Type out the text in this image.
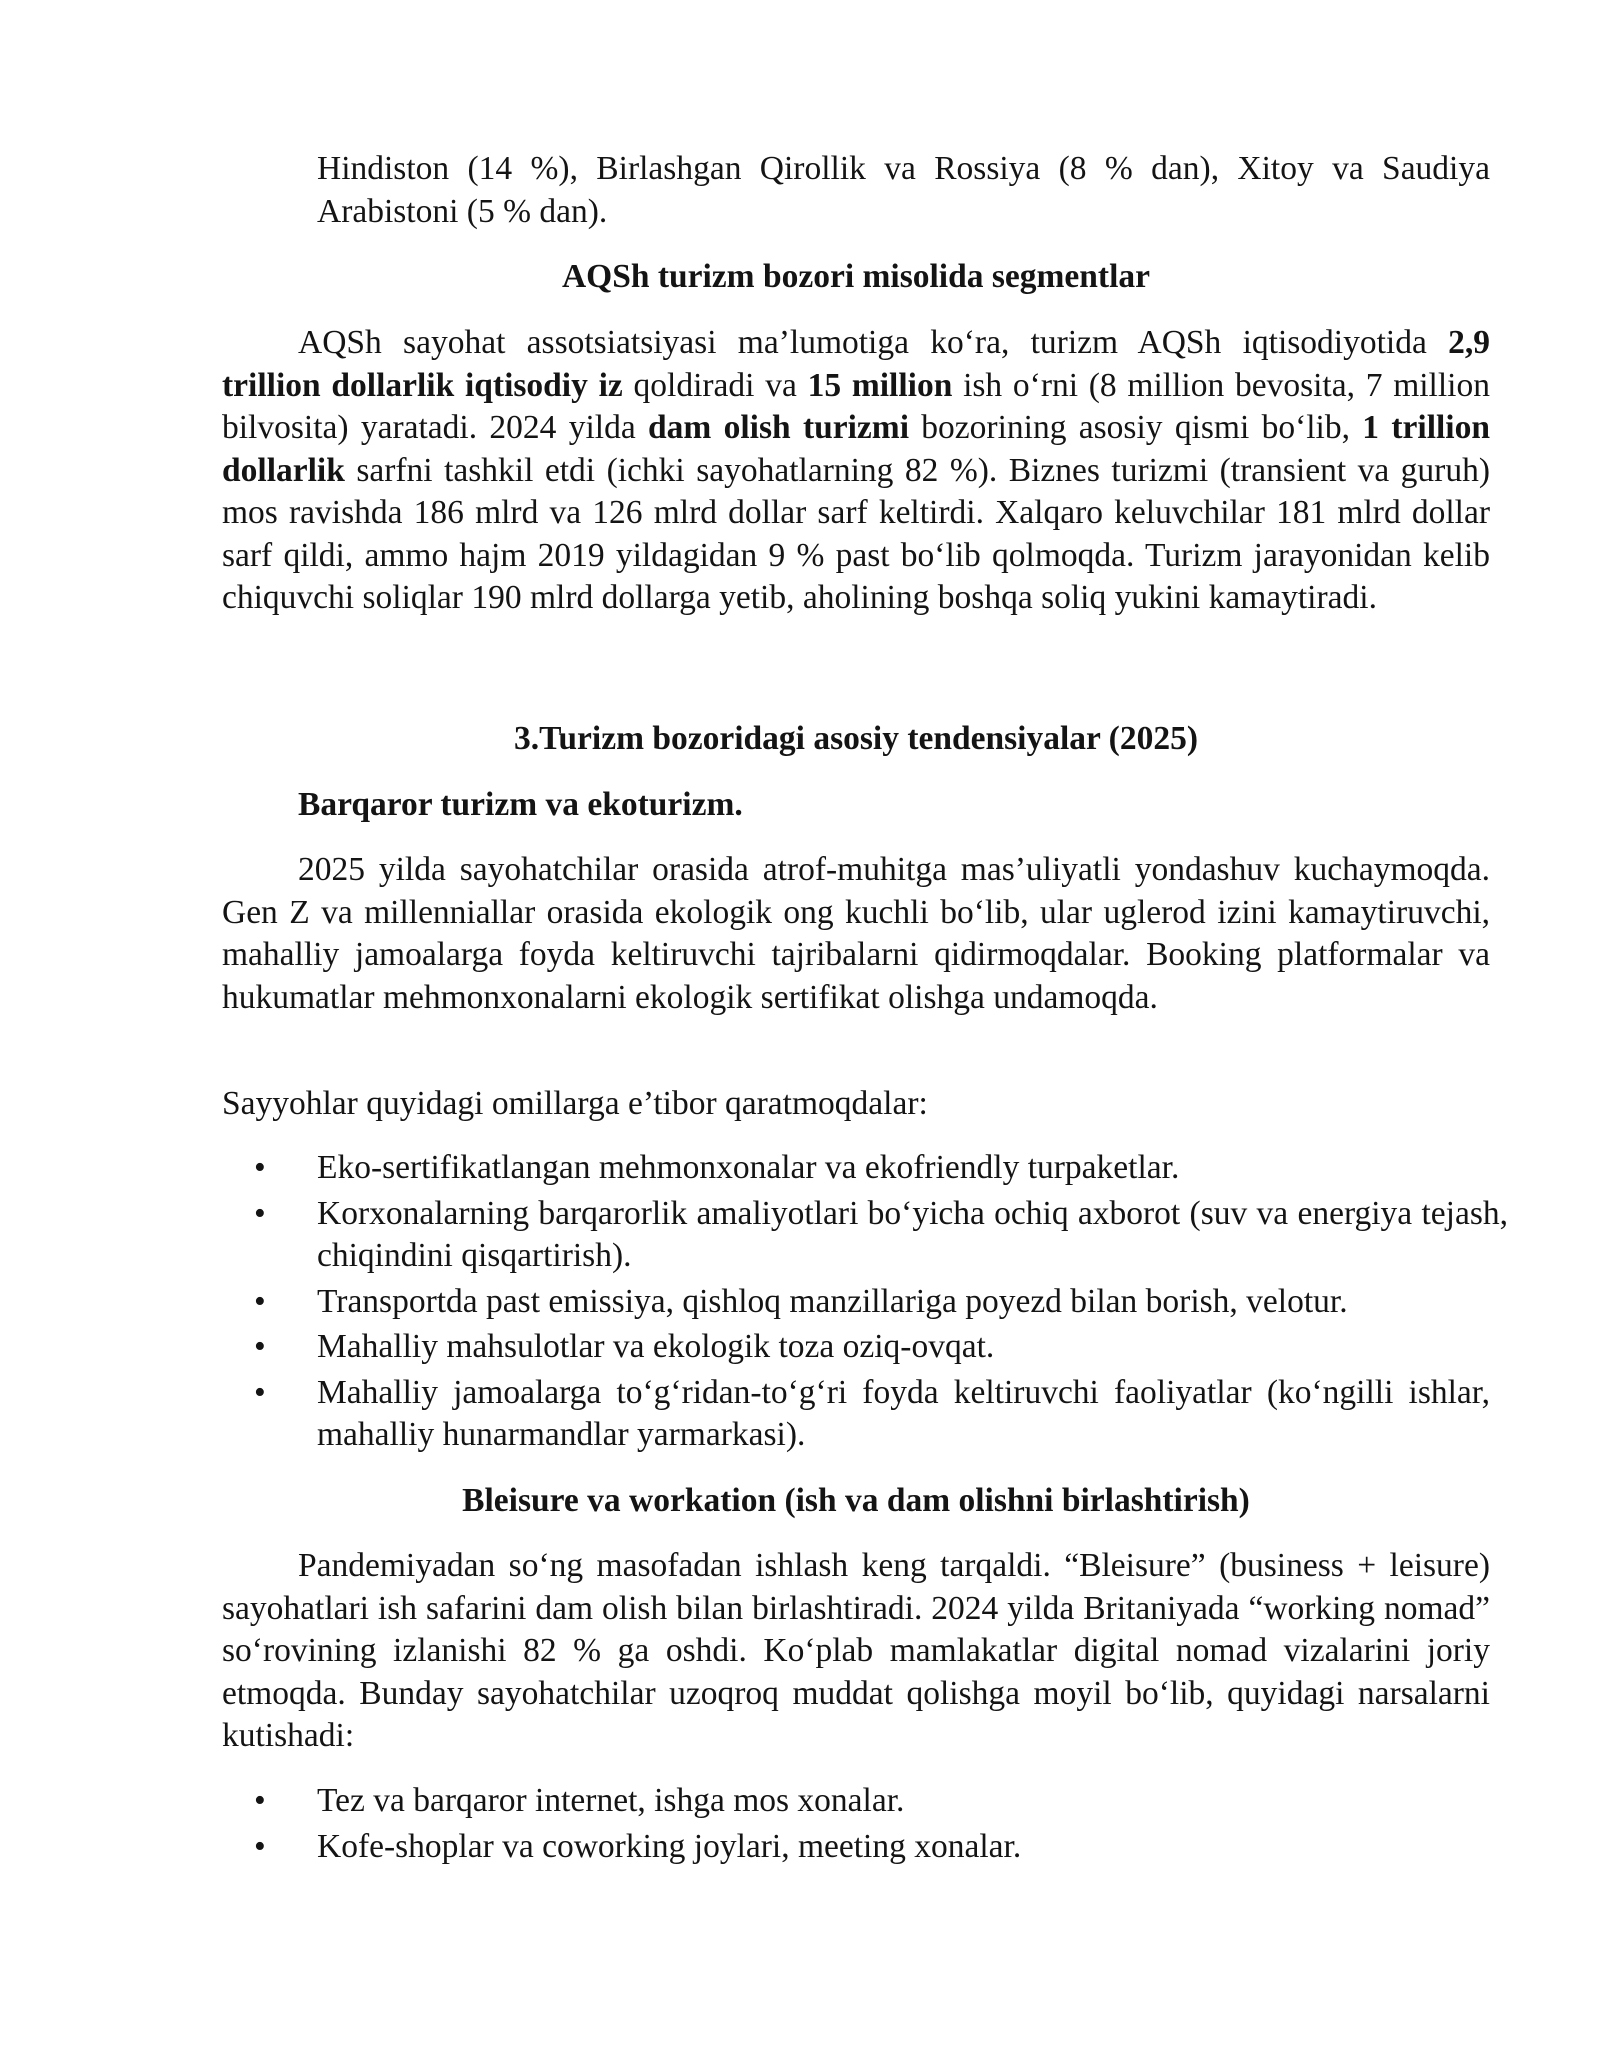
Hindiston (14 %), Birlashgan Qirollik va Rossiya (8 % dan), Xitoy va Saudiya Arabistoni (5 % dan).

AQSh turizm bozori misolida segmentlar

AQSh sayohat assotsiatsiyasi ma’lumotiga ko‘ra, turizm AQSh iqtisodiyotida 2,9 trillion dollarlik iqtisodiy iz qoldiradi va 15 million ish o‘rni (8 million bevosita, 7 million bilvosita) yaratadi. 2024 yilda dam olish turizmi bozorining asosiy qismi bo‘lib, 1 trillion dollarlik sarfni tashkil etdi (ichki sayohatlarning 82 %). Biznes turizmi (transient va guruh) mos ravishda 186 mlrd va 126 mlrd dollar sarf keltirdi. Xalqaro keluvchilar 181 mlrd dollar sarf qildi, ammo hajm 2019 yildagidan 9 % past bo‘lib qolmoqda. Turizm jarayonidan kelib chiquvchi soliqlar 190 mlrd dollarga yetib, aholining boshqa soliq yukini kamaytiradi.

3.Turizm bozoridagi asosiy tendensiyalar (2025)
Barqaror turizm va ekoturizm.

2025 yilda sayohatchilar orasida atrof-muhitga mas’uliyatli yondashuv kuchaymoqda. Gen Z va millenniallar orasida ekologik ong kuchli bo‘lib, ular uglerod izini kamaytiruvchi, mahalliy jamoalarga foyda keltiruvchi tajribalarni qidirmoqdalar. Booking platformalar va hukumatlar mehmonxonalarni ekologik sertifikat olishga undamoqda.

Sayyohlar quyidagi omillarga e’tibor qaratmoqdalar:

• Eko-sertifikatlangan mehmonxonalar va ekofriendly turpaketlar.
• Korxonalarning barqarorlik amaliyotlari bo‘yicha ochiq axborot (suv va energiya tejash, chiqindini qisqartirish).
• Transportda past emissiya, qishloq manzillariga poyezd bilan borish, velotur.
• Mahalliy mahsulotlar va ekologik toza oziq-ovqat.
• Mahalliy jamoalarga to‘g‘ridan-to‘g‘ri foyda keltiruvchi faoliyatlar (ko‘ngilli ishlar, mahalliy hunarmandlar yarmarkasi).
Bleisure va workation (ish va dam olishni birlashtirish)

Pandemiyadan so‘ng masofadan ishlash keng tarqaldi. “Bleisure” (business + leisure) sayohatlari ish safarini dam olish bilan birlashtiradi. 2024 yilda Britaniyada “working nomad” so‘rovining izlanishi 82 % ga oshdi. Ko‘plab mamlakatlar digital nomad vizalarini joriy etmoqda. Bunday sayohatchilar uzoqroq muddat qolishga moyil bo‘lib, quyidagi narsalarni kutishadi:

• Tez va barqaror internet, ishga mos xonalar.
• Kofe-shoplar va coworking joylari, meeting xonalar.
